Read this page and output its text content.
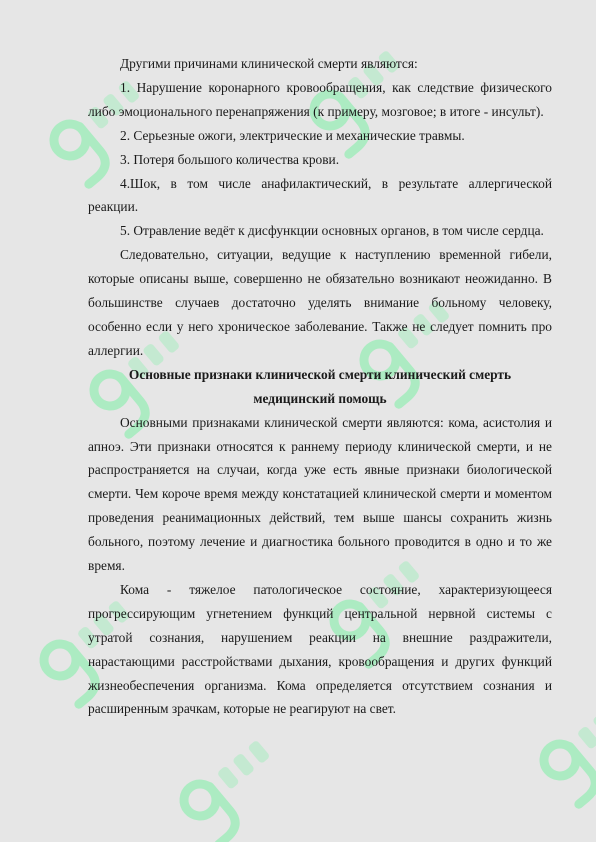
Другими причинами клинической смерти являются:

1. Нарушение коронарного кровообращения, как следствие физического либо эмоционального перенапряжения (к примеру, мозговое; в итоге - инсульт).

2. Серьезные ожоги, электрические и механические травмы.

3. Потеря большого количества крови.

4.Шок, в том числе анафилактический, в результате аллергической реакции.

5. Отравление ведёт к дисфункции основных органов, в том числе сердца.

Следовательно, ситуации, ведущие к наступлению временной гибели, которые описаны выше, совершенно не обязательно возникают неожиданно. В большинстве случаев достаточно уделять внимание больному человеку, особенно если у него хроническое заболевание. Также не следует помнить про аллергии.

Основные признаки клинической смерти клинический смерть медицинский помощь

Основными признаками клинической смерти являются: кома, асистолия и апноэ. Эти признаки относятся к раннему периоду клинической смерти, и не распространяется на случаи, когда уже есть явные признаки биологической смерти. Чем короче время между констатацией клинической смерти и моментом проведения реанимационных действий, тем выше шансы сохранить жизнь больного, поэтому лечение и диагностика больного проводится в одно и то же время.

Кома - тяжелое патологическое состояние, характеризующееся прогрессирующим угнетением функций центральной нервной системы с утратой сознания, нарушением реакции на внешние раздражители, нарастающими расстройствами дыхания, кровообращения и других функций жизнеобеспечения организма. Кома определяется отсутствием сознания и расширенным зрачкам, которые не реагируют на свет.
